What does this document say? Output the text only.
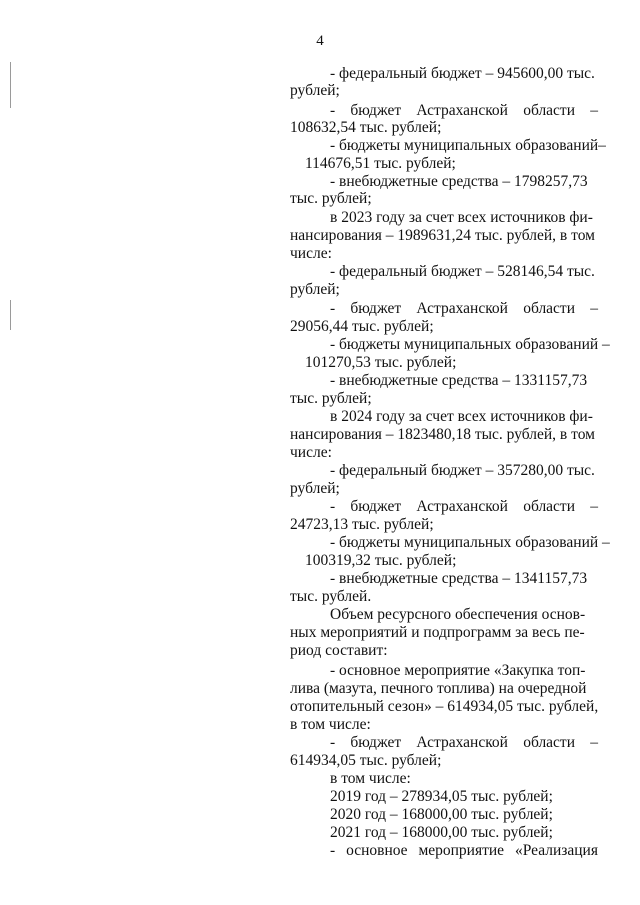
4
- федеральный бюджет – 945600,00 тыс.
рублей;
- бюджет Астраханской области –
108632,54 тыс. рублей;
- бюджеты муниципальных образований–
114676,51 тыс. рублей;
- внебюджетные средства – 1798257,73
тыс. рублей;
в 2023 году за счет всех источников фи-
нансирования – 1989631,24 тыс. рублей, в том
числе:
- федеральный бюджет – 528146,54 тыс.
рублей;
- бюджет Астраханской области –
29056,44 тыс. рублей;
- бюджеты муниципальных образований –
101270,53 тыс. рублей;
- внебюджетные средства – 1331157,73
тыс. рублей;
в 2024 году за счет всех источников фи-
нансирования – 1823480,18 тыс. рублей, в том
числе:
- федеральный бюджет – 357280,00 тыс.
рублей;
- бюджет Астраханской области –
24723,13 тыс. рублей;
- бюджеты муниципальных образований –
100319,32 тыс. рублей;
- внебюджетные средства – 1341157,73
тыс. рублей.
Объем ресурсного обеспечения основ-
ных мероприятий и подпрограмм за весь пе-
риод составит:
- основное мероприятие «Закупка топ-
лива (мазута, печного топлива) на очередной
отопительный сезон» – 614934,05 тыс. рублей,
в том числе:
- бюджет Астраханской области –
614934,05 тыс. рублей;
в том числе:
2019 год – 278934,05 тыс. рублей;
2020 год – 168000,00 тыс. рублей;
2021 год – 168000,00 тыс. рублей;
- основное мероприятие «Реализация
